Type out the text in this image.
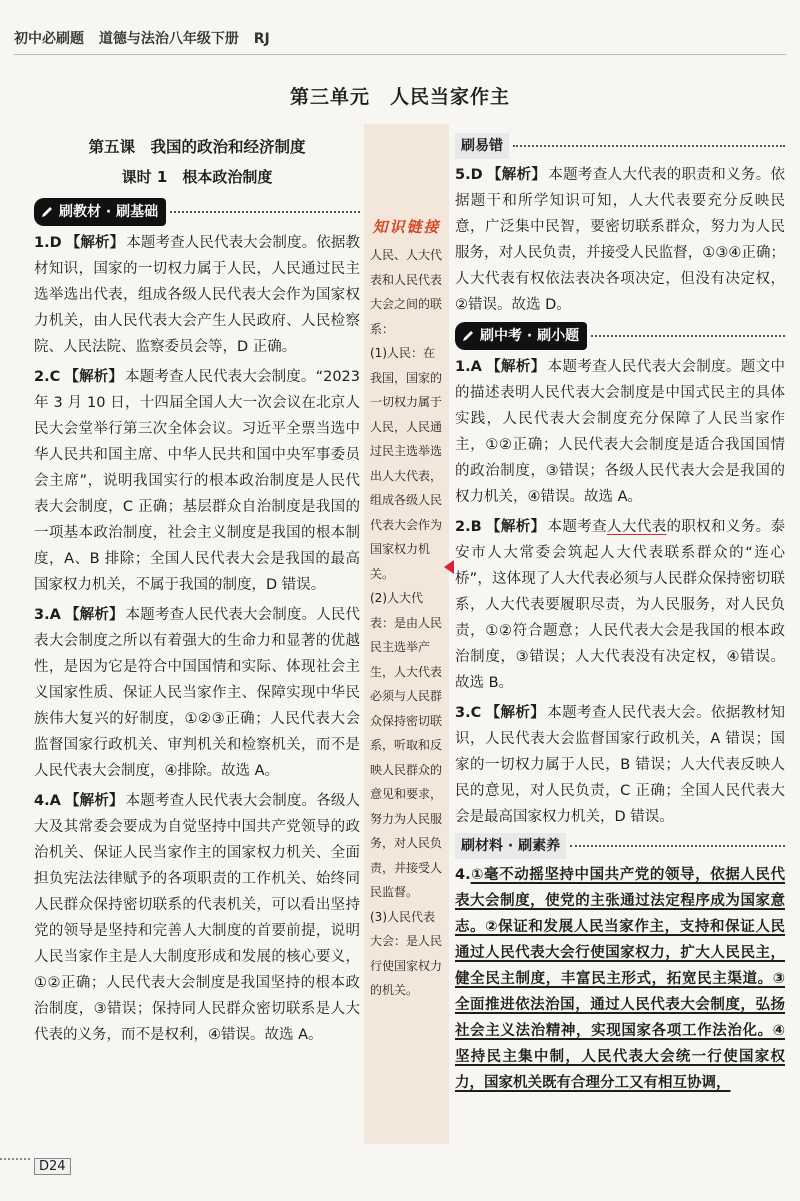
初中必刷题 道德与法治八年级下册 RJ
第三单元　人民当家作主
第五课　我国的政治和经济制度
课时 1　根本政治制度
刷教材 · 刷基础
1.D 【解析】 本题考查人民代表大会制度。依据教材知识，国家的一切权力属于人民，人民通过民主选举选出代表，组成各级人民代表大会作为国家权力机关，由人民代表大会产生人民政府、人民检察院、人民法院、监察委员会等，D 正确。
2.C 【解析】 本题考查人民代表大会制度。“2023 年 3 月 10 日，十四届全国人大一次会议在北京人民大会堂举行第三次全体会议。习近平全票当选中华人民共和国主席、中华人民共和国中央军事委员会主席”，说明我国实行的根本政治制度是人民代表大会制度，C 正确；基层群众自治制度是我国的一项基本政治制度，社会主义制度是我国的根本制度，A、B 排除；全国人民代表大会是我国的最高国家权力机关，不属于我国的制度，D 错误。
3.A 【解析】 本题考查人民代表大会制度。人民代表大会制度之所以有着强大的生命力和显著的优越性，是因为它是符合中国国情和实际、体现社会主义国家性质、保证人民当家作主、保障实现中华民族伟大复兴的好制度，①②③正确；人民代表大会监督国家行政机关、审判机关和检察机关，而不是人民代表大会制度，④排除。故选 A。
4.A 【解析】 本题考查人民代表大会制度。各级人大及其常委会要成为自觉坚持中国共产党领导的政治机关、保证人民当家作主的国家权力机关、全面担负宪法法律赋予的各项职责的工作机关、始终同人民群众保持密切联系的代表机关，可以看出坚持党的领导是坚持和完善人大制度的首要前提，说明人民当家作主是人大制度形成和发展的核心要义，①②正确；人民代表大会制度是我国坚持的根本政治制度，③错误；保持同人民群众密切联系是人大代表的义务，而不是权利，④错误。故选 A。
知识链接

人民、人大代表和人民代表大会之间的联系：

(1)人民：在我国，国家的一切权力属于人民，人民通过民主选举选出人大代表，组成各级人民代表大会作为国家权力机关。

(2)人大代表：是由人民民主选举产生，人大代表必须与人民群众保持密切联系，听取和反映人民群众的意见和要求，努力为人民服务，对人民负责，并接受人民监督。

(3)人民代表大会：是人民行使国家权力的机关。

刷易错
5.D 【解析】 本题考查人大代表的职责和义务。依据题干和所学知识可知，人大代表要充分反映民意，广泛集中民智，要密切联系群众，努力为人民服务，对人民负责，并接受人民监督，①③④正确；人大代表有权依法表决各项决定，但没有决定权，②错误。故选 D。
刷中考 · 刷小题
1.A 【解析】 本题考查人民代表大会制度。题文中的描述表明人民代表大会制度是中国式民主的具体实践，人民代表大会制度充分保障了人民当家作主，①②正确；人民代表大会制度是适合我国国情的政治制度，③错误；各级人民代表大会是我国的权力机关，④错误。故选 A。
2.B 【解析】 本题考查人大代表的职权和义务。泰安市人大常委会筑起人大代表联系群众的“连心桥”，这体现了人大代表必须与人民群众保持密切联系，人大代表要履职尽责，为人民服务，对人民负责，①②符合题意；人民代表大会是我国的根本政治制度，③错误；人大代表没有决定权，④错误。故选 B。
3.C 【解析】 本题考查人民代表大会。依据教材知识，人民代表大会监督国家行政机关，A 错误；国家的一切权力属于人民，B 错误；人大代表反映人民的意见，对人民负责，C 正确；全国人民代表大会是最高国家权力机关，D 错误。
刷材料 · 刷素养
4.①毫不动摇坚持中国共产党的领导，依据人民代表大会制度，使党的主张通过法定程序成为国家意志。②保证和发展人民当家作主，支持和保证人民通过人民代表大会行使国家权力，扩大人民民主，健全民主制度，丰富民主形式，拓宽民主渠道。③全面推进依法治国，通过人民代表大会制度，弘扬社会主义法治精神，实现国家各项工作法治化。④坚持民主集中制，人民代表大会统一行使国家权力，国家机关既有合理分工又有相互协调，
D24
